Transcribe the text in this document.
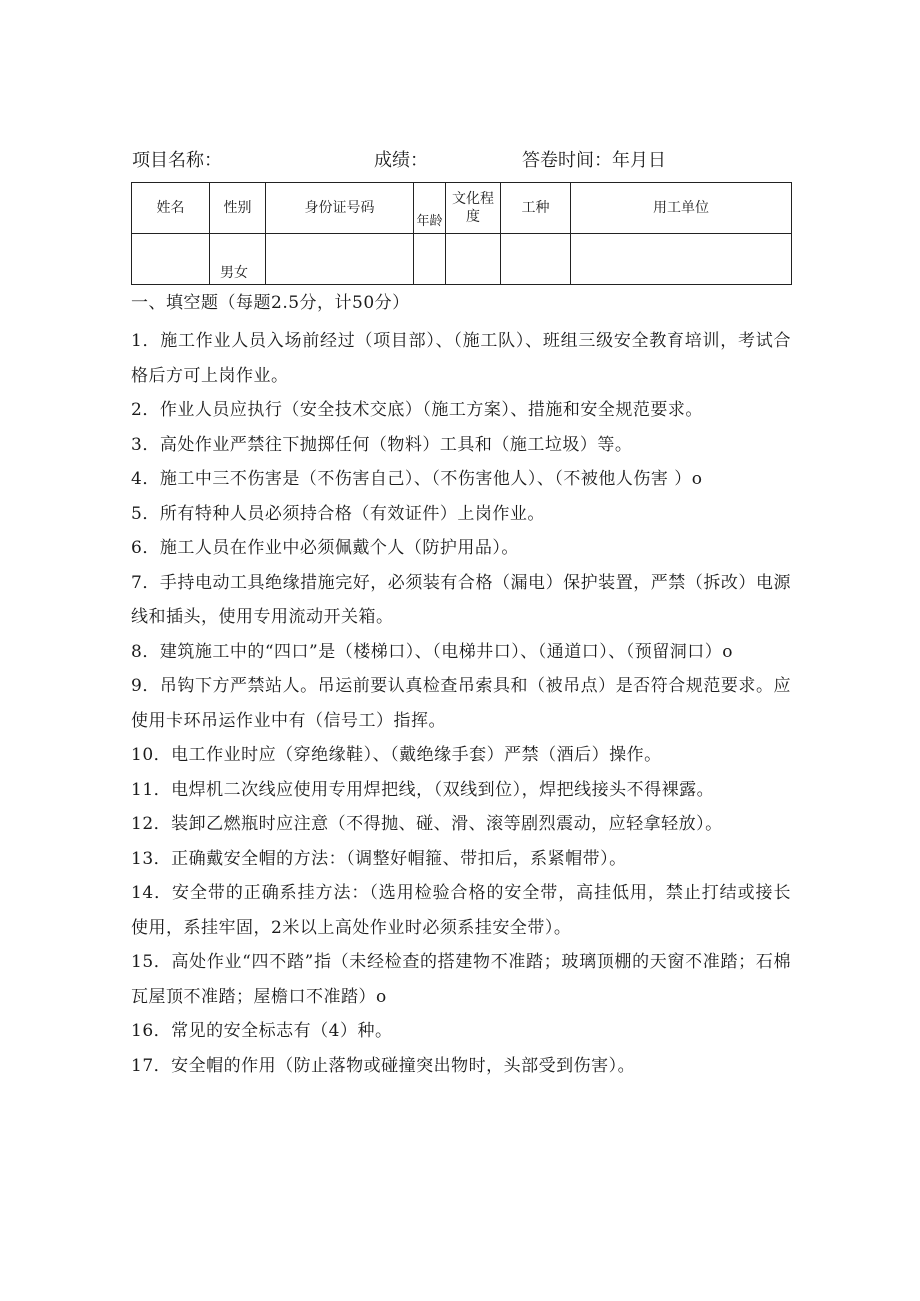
项目名称：	成绩：	答卷时间：年月日
姓名	性别	身份证号码	年龄	文化程度	工种	用工单位
	男女					
一、填空题（每题2.5分，计50分）
1．施工作业人员入场前经过（项目部）、（施工队）、班组三级安全教育培训，考试合格后方可上岗作业。
2．作业人员应执行（安全技术交底）（施工方案）、措施和安全规范要求。
3．高处作业严禁往下抛掷任何（物料）工具和（施工垃圾）等。
4．施工中三不伤害是（不伤害自己）、（不伤害他人）、（不被他人伤害 ）o
5．所有特种人员必须持合格（有效证件）上岗作业。
6．施工人员在作业中必须佩戴个人（防护用品）。
7．手持电动工具绝缘措施完好，必须装有合格（漏电）保护装置，严禁（拆改）电源线和插头，使用专用流动开关箱。
8．建筑施工中的“四口”是（楼梯口）、（电梯井口）、（通道口）、（预留洞口）o
9．吊钩下方严禁站人。吊运前要认真检查吊索具和（被吊点）是否符合规范要求。应使用卡环吊运作业中有（信号工）指挥。
10．电工作业时应（穿绝缘鞋）、（戴绝缘手套）严禁（酒后）操作。
11．电焊机二次线应使用专用焊把线，（双线到位），焊把线接头不得裸露。
12．装卸乙燃瓶时应注意（不得抛、碰、滑、滚等剧烈震动，应轻拿轻放）。
13．正确戴安全帽的方法：（调整好帽箍、带扣后，系紧帽带）。
14．安全带的正确系挂方法：（选用检验合格的安全带，高挂低用，禁止打结或接长使用，系挂牢固，2米以上高处作业时必须系挂安全带）。
15．高处作业“四不踏”指（未经检查的搭建物不准踏；玻璃顶棚的天窗不准踏；石棉瓦屋顶不准踏；屋檐口不准踏）o
16．常见的安全标志有（4）种。
17．安全帽的作用（防止落物或碰撞突出物时，头部受到伤害）。
